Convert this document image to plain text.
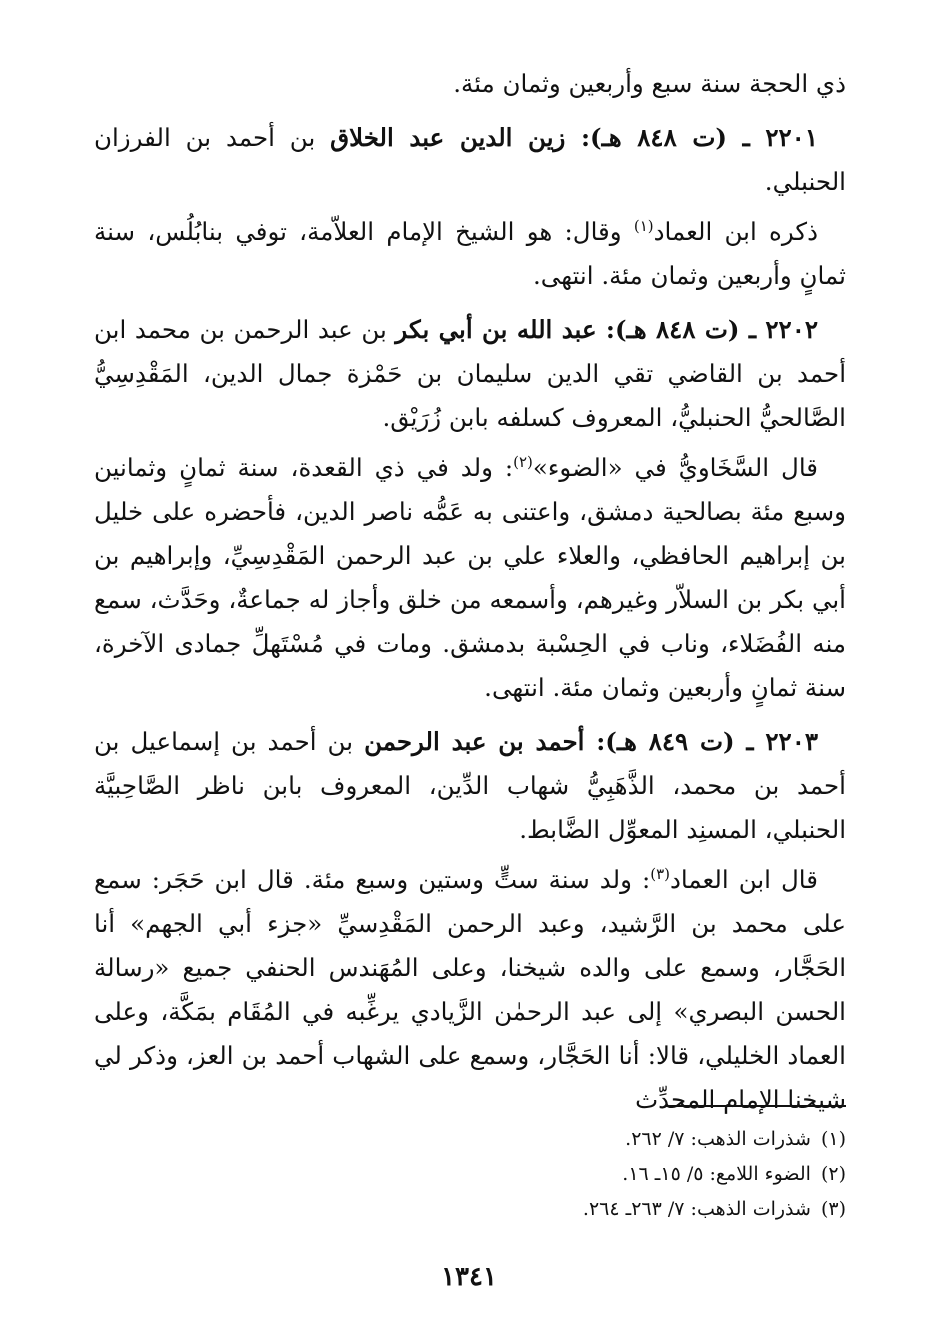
ذي الحجة سنة سبع وأربعين وثمان مئة.

٢٢٠١ ـ (ت ٨٤٨ هـ): زين الدين عبد الخلاق بن أحمد بن الفرزان الحنبلي.

ذكره ابن العماد$^{(١)}$ وقال: هو الشيخ الإمام العلاّمة، توفي بنابُلُس، سنة ثمانٍ وأربعين وثمان مئة. انتهى.

٢٢٠٢ ـ (ت ٨٤٨ هـ): عبد الله بن أبي بكر بن عبد الرحمن بن محمد ابن أحمد بن القاضي تقي الدين سليمان بن حَمْزة جمال الدين، المَقْدِسِيُّ الصَّالحيُّ الحنبليُّ، المعروف كسلفه بابن زُرَيْق.

قال السَّخَاويُّ في «الضوء»$^{(٢)}$: ولد في ذي القعدة، سنة ثمانٍ وثمانين وسبع مئة بصالحية دمشق، واعتنى به عَمُّه ناصر الدين، فأحضره على خليل بن إبراهيم الحافظي، والعلاء علي بن عبد الرحمن المَقْدِسِيِّ، وإبراهيم بن أبي بكر بن السلاّر وغيرهم، وأسمعه من خلق وأجاز له جماعةٌ، وحَدَّث، سمع منه الفُضَلاء، وناب في الحِسْبة بدمشق. ومات في مُسْتَهلِّ جمادى الآخرة، سنة ثمانٍ وأربعين وثمان مئة. انتهى.

٢٢٠٣ ـ (ت ٨٤٩ هـ): أحمد بن عبد الرحمن بن أحمد بن إسماعيل بن أحمد بن محمد، الذَّهَبِيُّ شهاب الدِّين، المعروف بابن ناظر الصَّاحِبيَّة الحنبلي، المسنِد المعوِّل الضَّابط.

قال ابن العماد$^{(٣)}$: ولد سنة ستٍّ وستين وسبع مئة. قال ابن حَجَر: سمع على محمد بن الرَّشيد، وعبد الرحمن المَقْدِسيِّ «جزء أبي الجهم» أنا الحَجَّار، وسمع على والده شيخنا، وعلى المُهَندس الحنفي جميع «رسالة الحسن البصري» إلى عبد الرحمٰن الزَّيادي يرغِّبه في المُقَام بمَكَّة، وعلى العماد الخليلي، قالا: أنا الحَجَّار، وسمع على الشهاب أحمد بن العز، وذكر لي شيخنا الإمام المحدِّث

(١)شذرات الذهب: ٧/ ٢٦٢.

(٢)الضوء اللامع: ٥/ ١٥ـ ١٦.

(٣)شذرات الذهب: ٧/ ٢٦٣ـ ٢٦٤.

١٣٤١
